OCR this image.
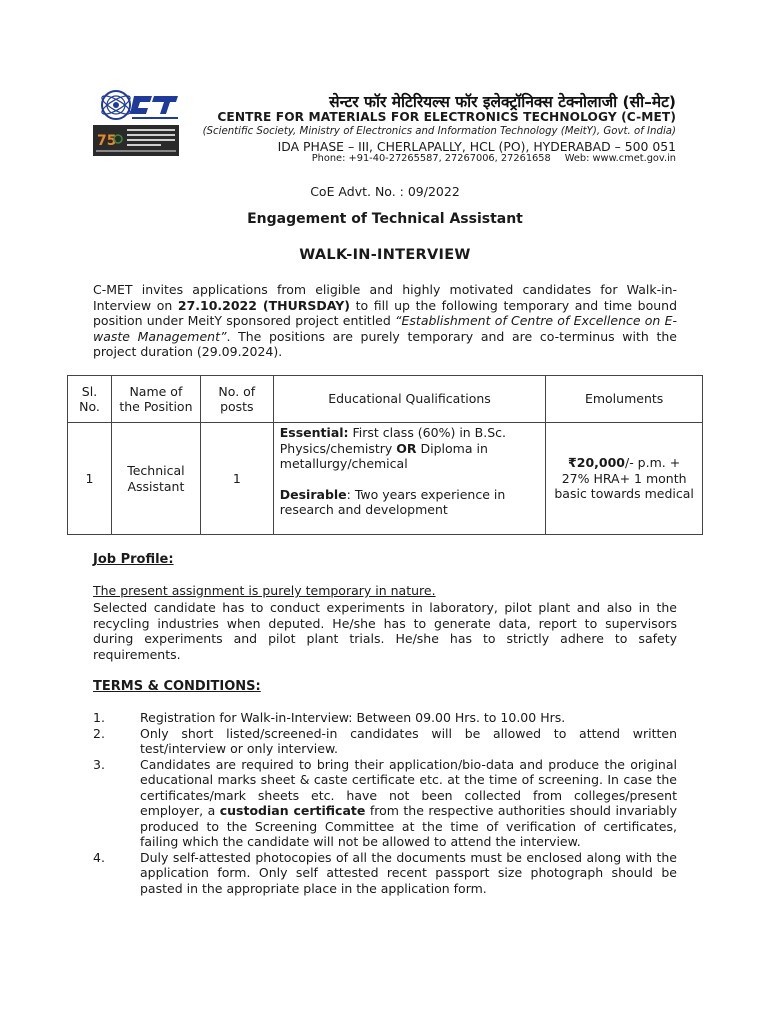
75
सेन्टर फॉर मेटिरियल्स फॉर इलेक्ट्रॉनिक्स टेक्नोलाजी (सी–मेट)
CENTRE FOR MATERIALS FOR ELECTRONICS TECHNOLOGY (C-MET)
(Scientific Society, Ministry of Electronics and Information Technology (MeitY), Govt. of India)
IDA PHASE – III, CHERLAPALLY, HCL (PO), HYDERABAD – 500 051
Phone: +91-40-27265587, 27267006, 27261658 Web: www.cmet.gov.in
CoE Advt. No. : 09/2022
Engagement of Technical Assistant
WALK-IN-INTERVIEW
C-MET invites applications from eligible and highly motivated candidates for Walk-in-Interview on 27.10.2022 (THURSDAY) to fill up the following temporary and time bound position under MeitY sponsored project entitled “Establishment of Centre of Excellence on E-waste Management”. The positions are purely temporary and are co-terminus with the project duration (29.09.2024).
Sl. No.	Name of the Position	No. of posts	Educational Qualifications	Emoluments
1	Technical Assistant	1	Essential: First class (60%) in B.Sc. Physics/chemistry OR Diploma in metallurgy/chemical

Desirable: Two years experience in research and development	₹20,000/- p.m. + 27% HRA+ 1 month basic towards medical
Job Profile:
The present assignment is purely temporary in nature.
Selected candidate has to conduct experiments in laboratory, pilot plant and also in the recycling industries when deputed. He/she has to generate data, report to supervisors during experiments and pilot plant trials. He/she has to strictly adhere to safety requirements.
TERMS & CONDITIONS:
1.	Registration for Walk-in-Interview: Between 09.00 Hrs. to 10.00 Hrs.
2.	Only short listed/screened-in candidates will be allowed to attend written test/interview or only interview.
3.	Candidates are required to bring their application/bio-data and produce the original educational marks sheet & caste certificate etc. at the time of screening. In case the certificates/mark sheets etc. have not been collected from colleges/present employer, a custodian certificate from the respective authorities should invariably produced to the Screening Committee at the time of verification of certificates, failing which the candidate will not be allowed to attend the interview.
4.	Duly self-attested photocopies of all the documents must be enclosed along with the application form. Only self attested recent passport size photograph should be pasted in the appropriate place in the application form.
